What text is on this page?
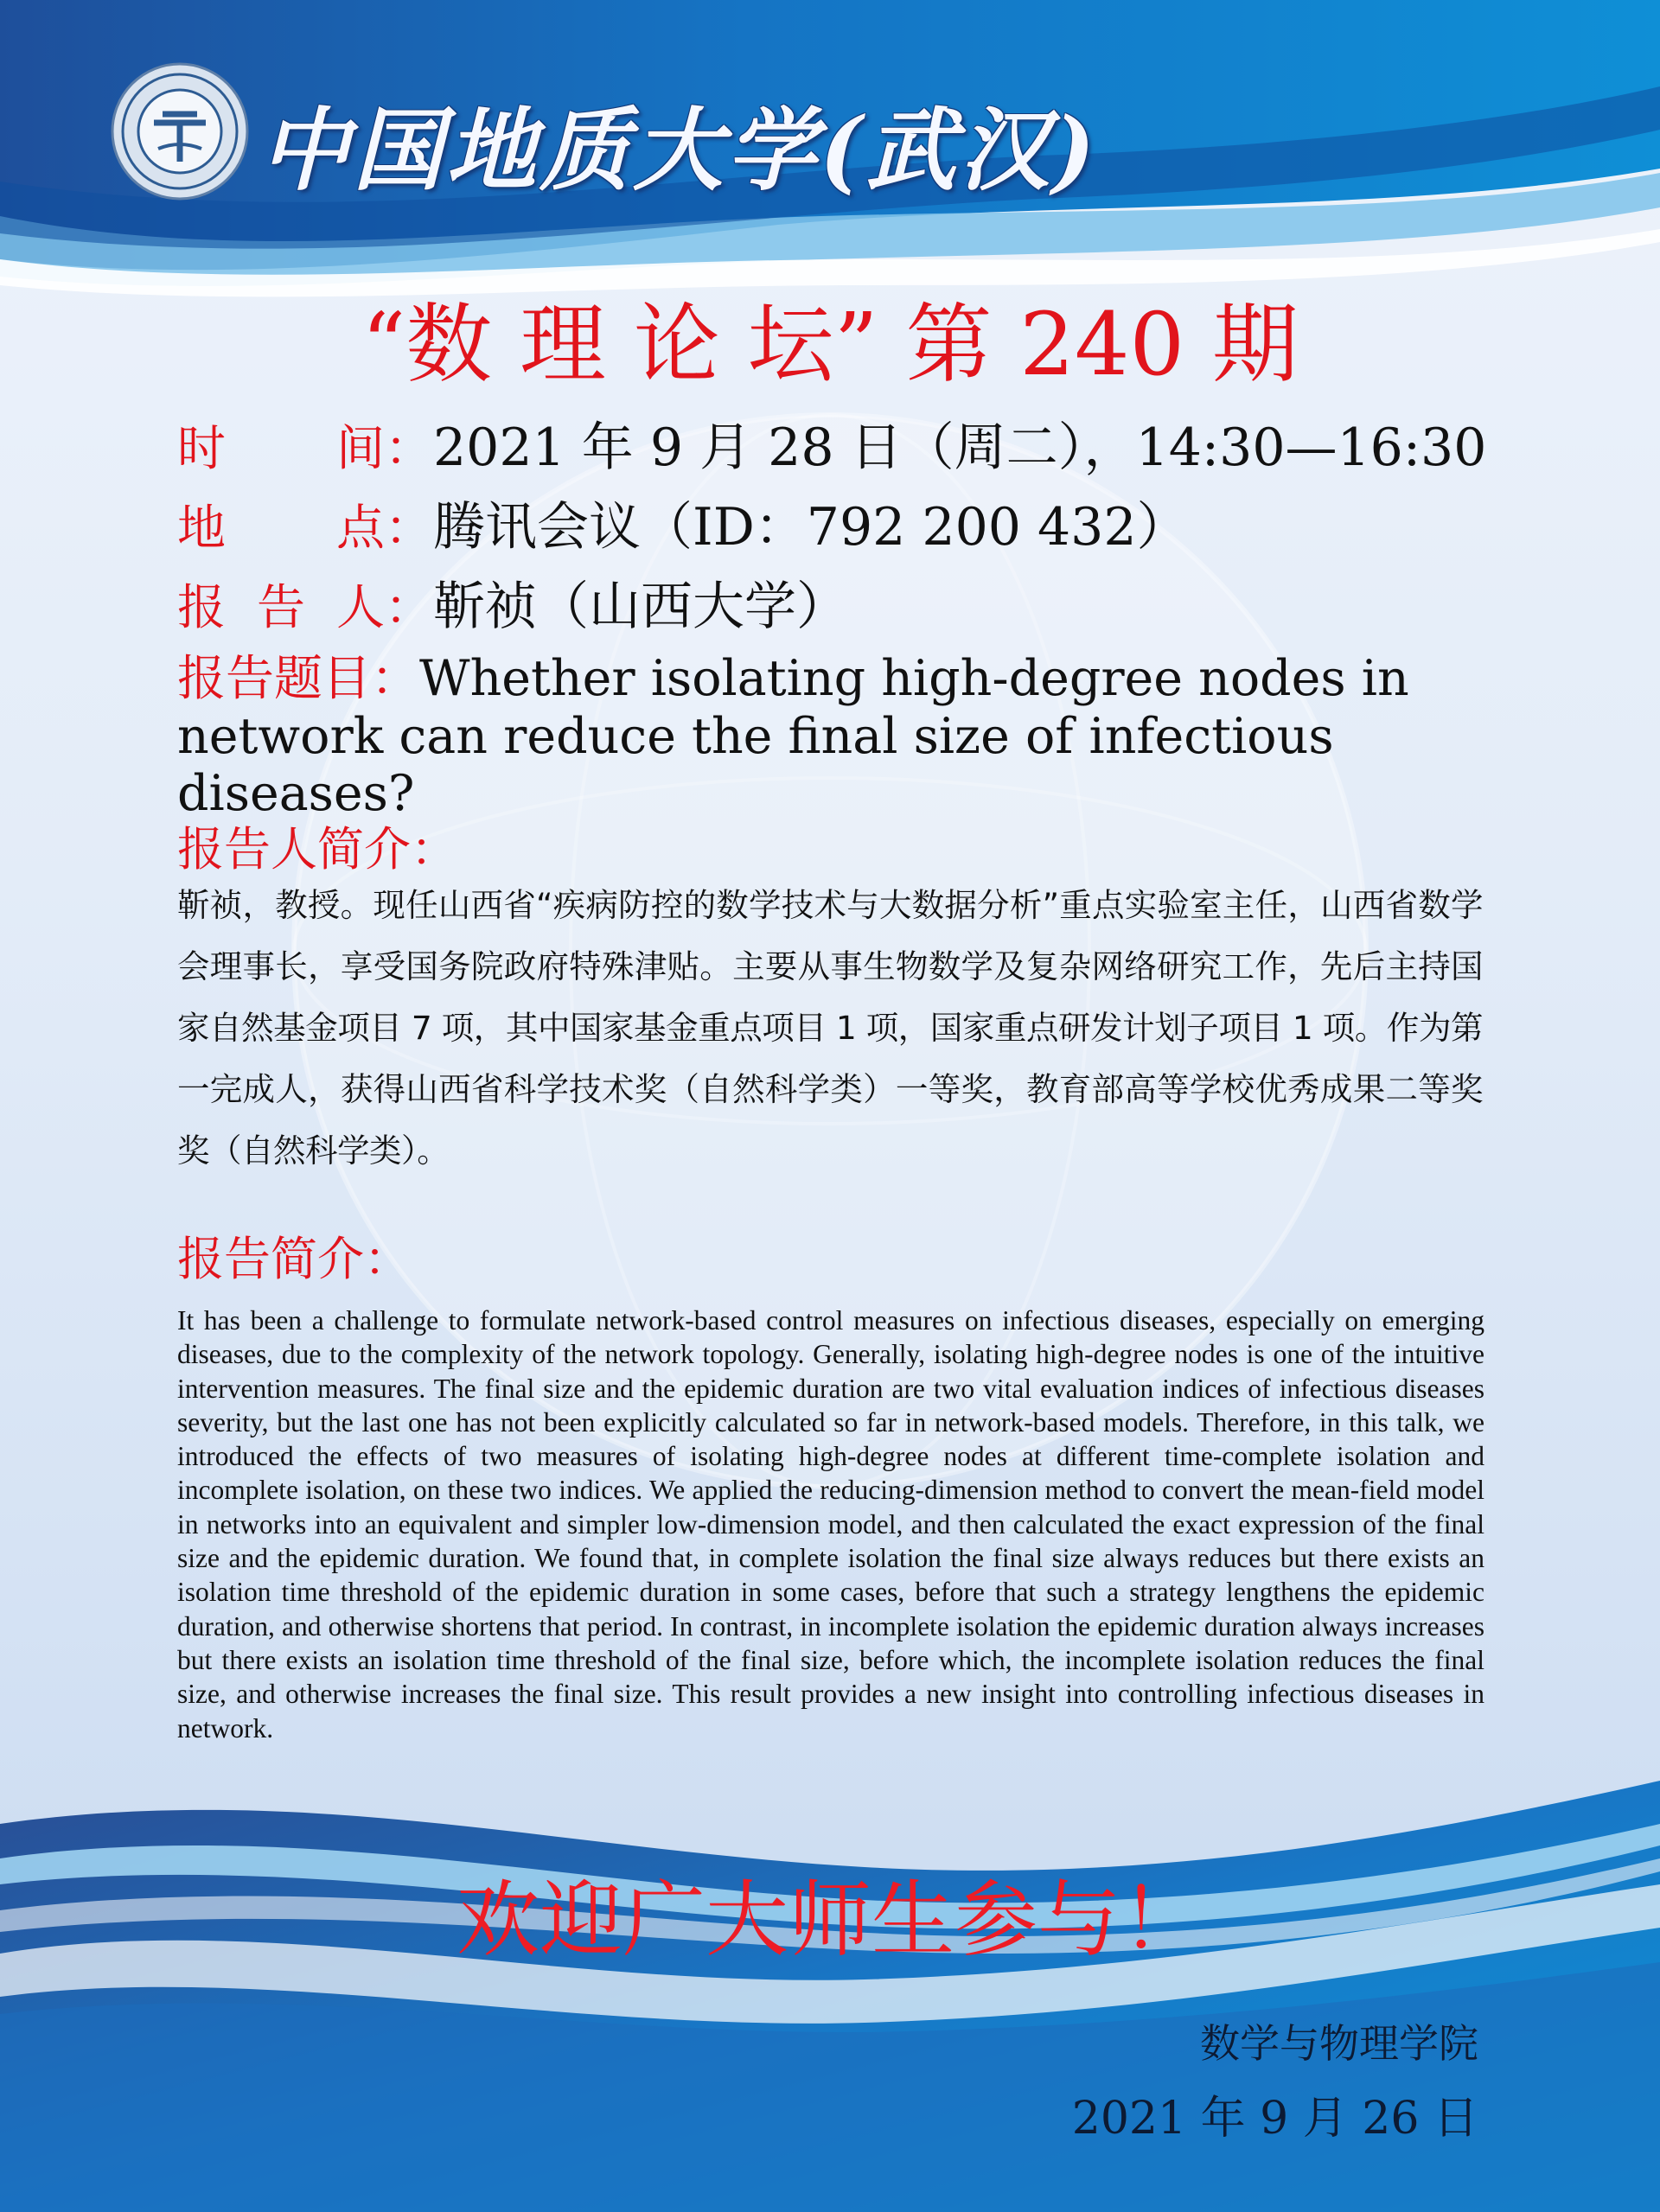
中国地质大学(武汉)
“数 理 论 坛” 第 240 期
时 间 ：2021 年 9 月 28 日（周二），14:30—16:30
地 点 ：腾讯会议（ID：792 200 432）
报 告 人 ：靳祯（山西大学）
报告题目：Whether isolating high-degree nodes in network can reduce the final size of infectious diseases?
报告人简介：
靳祯，教授。现任山西省“疾病防控的数学技术与大数据分析”重点实验室主任，山西省数学会理事长，享受国务院政府特殊津贴。主要从事生物数学及复杂网络研究工作，先后主持国家自然基金项目 7 项，其中国家基金重点项目 1 项，国家重点研发计划子项目 1 项。作为第一完成人，获得山西省科学技术奖（自然科学类）一等奖，教育部高等学校优秀成果二等奖奖（自然科学类）。
报告简介：
It has been a challenge to formulate network-based control measures on infectious diseases, especially on emerging diseases, due to the complexity of the network topology. Generally, isolating high-degree nodes is one of the intuitive intervention measures. The final size and the epidemic duration are two vital evaluation indices of infectious diseases severity, but the last one has not been explicitly calculated so far in network-based models. Therefore, in this talk, we introduced the effects of two measures of isolating high-degree nodes at different time-complete isolation and incomplete isolation, on these two indices. We applied the reducing-dimension method to convert the mean-field model in networks into an equivalent and simpler low-dimension model, and then calculated the exact expression of the final size and the epidemic duration. We found that, in complete isolation the final size always reduces but there exists an isolation time threshold of the epidemic duration in some cases, before that such a strategy lengthens the epidemic duration, and otherwise shortens that period. In contrast, in incomplete isolation the epidemic duration always increases but there exists an isolation time threshold of the final size, before which, the incomplete isolation reduces the final size, and otherwise increases the final size. This result provides a new insight into controlling infectious diseases in network.
欢迎广大师生参与！
数学与物理学院
2021 年 9 月 26 日
